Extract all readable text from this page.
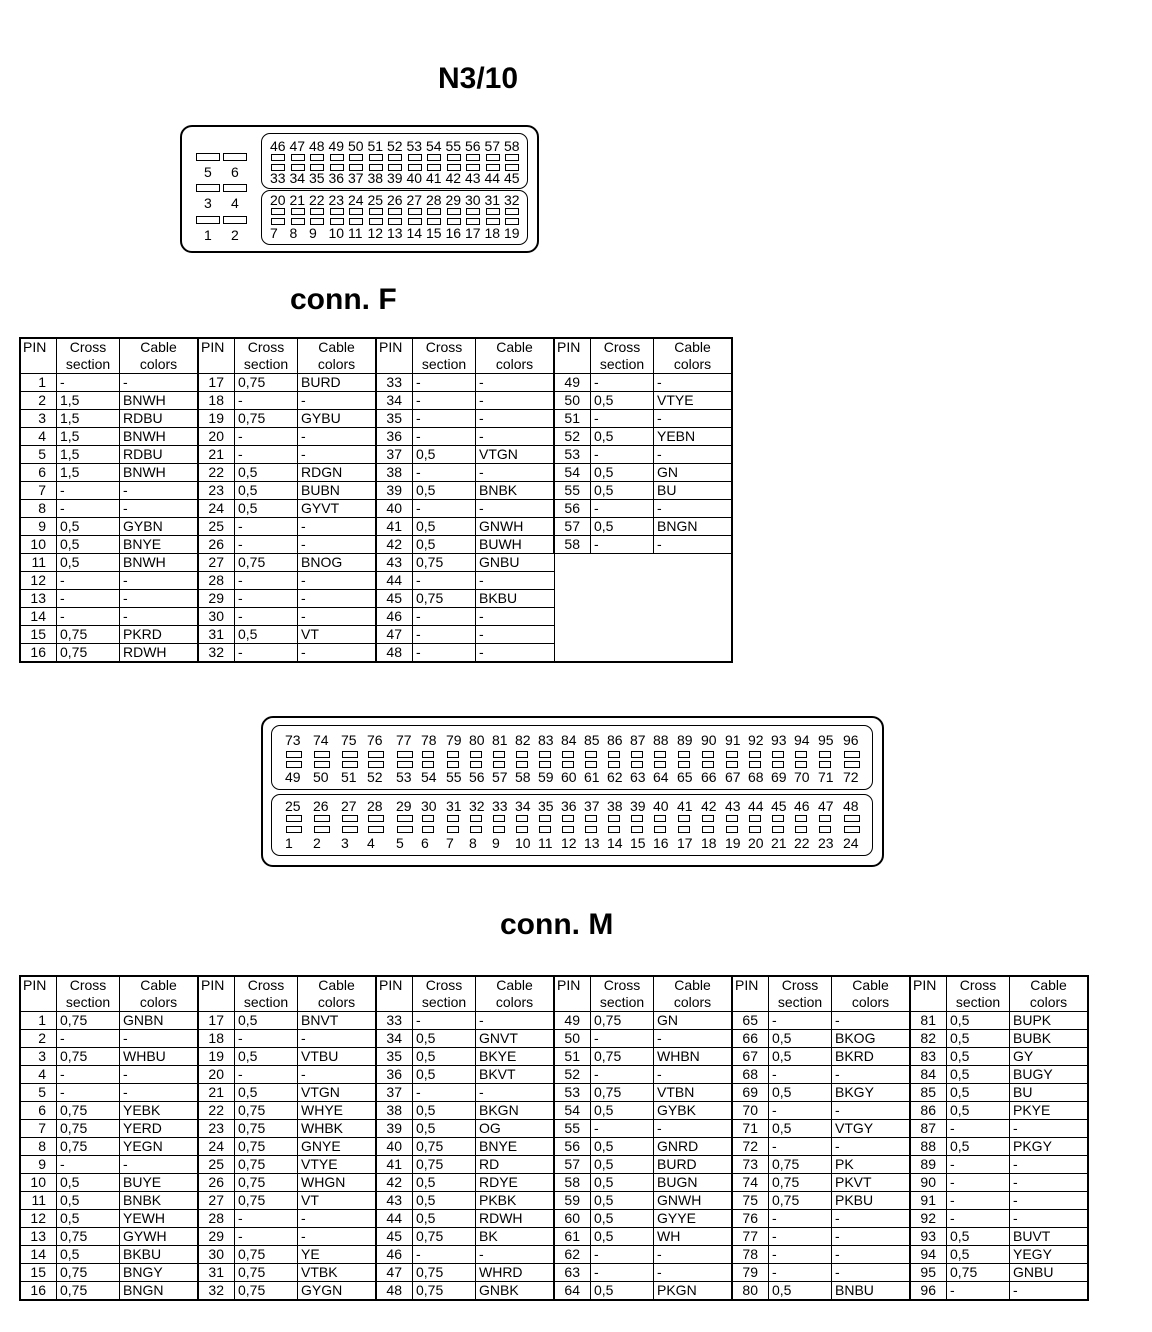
N3/10
5 6
3 4
1 2
46 47 48 49 50 51 52 53 54 55 56 57 58
33 34 35 36 37 38 39 40 41 42 43 44 45
20 21 22 23 24 25 26 27 28 29 30 31 32
7 8 9 10 11 12 13 14 15 16 17 18 19
conn. F
PIN	Cross section	Cable colors	PIN	Cross section	Cable colors	PIN	Cross section	Cable colors	PIN	Cross section	Cable colors
1	-	-	17	0,75	BURD	33	-	-	49	-	-
2	1,5	BNWH	18	-	-	34	-	-	50	0,5	VTYE
3	1,5	RDBU	19	0,75	GYBU	35	-	-	51	-	-
4	1,5	BNWH	20	-	-	36	-	-	52	0,5	YEBN
5	1,5	RDBU	21	-	-	37	0,5	VTGN	53	-	-
6	1,5	BNWH	22	0,5	RDGN	38	-	-	54	0,5	GN
7	-	-	23	0,5	BUBN	39	0,5	BNBK	55	0,5	BU
8	-	-	24	0,5	GYVT	40	-	-	56	-	-
9	0,5	GYBN	25	-	-	41	0,5	GNWH	57	0,5	BNGN
10	0,5	BNYE	26	-	-	42	0,5	BUWH	58	-	-
11	0,5	BNWH	27	0,75	BNOG	43	0,75	GNBU			
12	-	-	28	-	-	44	-	-			
13	-	-	29	-	-	45	0,75	BKBU			
14	-	-	30	-	-	46	-	-			
15	0,75	PKRD	31	0,5	VT	47	-	-			
16	0,75	RDWH	32	-	-	48	-	-			
73 74 75 76 77 78 79 80 81 82 83 84 85 86 87 88 89 90 91 92 93 94 95 96
49 50 51 52 53 54 55 56 57 58 59 60 61 62 63 64 65 66 67 68 69 70 71 72
25 26 27 28 29 30 31 32 33 34 35 36 37 38 39 40 41 42 43 44 45 46 47 48
1 2 3 4 5 6 7 8 9 10 11 12 13 14 15 16 17 18 19 20 21 22 23 24
conn. M
PIN	Cross section	Cable colors	PIN	Cross section	Cable colors	PIN	Cross section	Cable colors	PIN	Cross section	Cable colors	PIN	Cross section	Cable colors	PIN	Cross section	Cable colors
1	0,75	GNBN	17	0,5	BNVT	33	-	-	49	0,75	GN	65	-	-	81	0,5	BUPK
2	-	-	18	-	-	34	0,5	GNVT	50	-	-	66	0,5	BKOG	82	0,5	BUBK
3	0,75	WHBU	19	0,5	VTBU	35	0,5	BKYE	51	0,75	WHBN	67	0,5	BKRD	83	0,5	GY
4	-	-	20	-	-	36	0,5	BKVT	52	-	-	68	-	-	84	0,5	BUGY
5	-	-	21	0,5	VTGN	37	-	-	53	0,75	VTBN	69	0,5	BKGY	85	0,5	BU
6	0,75	YEBK	22	0,75	WHYE	38	0,5	BKGN	54	0,5	GYBK	70	-	-	86	0,5	PKYE
7	0,75	YERD	23	0,75	WHBK	39	0,5	OG	55	-	-	71	0,5	VTGY	87	-	-
8	0,75	YEGN	24	0,75	GNYE	40	0,75	BNYE	56	0,5	GNRD	72	-	-	88	0,5	PKGY
9	-	-	25	0,75	VTYE	41	0,75	RD	57	0,5	BURD	73	0,75	PK	89	-	-
10	0,5	BUYE	26	0,75	WHGN	42	0,5	RDYE	58	0,5	BUGN	74	0,75	PKVT	90	-	-
11	0,5	BNBK	27	0,75	VT	43	0,5	PKBK	59	0,5	GNWH	75	0,75	PKBU	91	-	-
12	0,5	YEWH	28	-	-	44	0,5	RDWH	60	0,5	GYYE	76	-	-	92	-	-
13	0,75	GYWH	29	-	-	45	0,75	BK	61	0,5	WH	77	-	-	93	0,5	BUVT
14	0,5	BKBU	30	0,75	YE	46	-	-	62	-	-	78	-	-	94	0,5	YEGY
15	0,75	BNGY	31	0,75	VTBK	47	0,75	WHRD	63	-	-	79	-	-	95	0,75	GNBU
16	0,75	BNGN	32	0,75	GYGN	48	0,75	GNBK	64	0,5	PKGN	80	0,5	BNBU	96	-	-
